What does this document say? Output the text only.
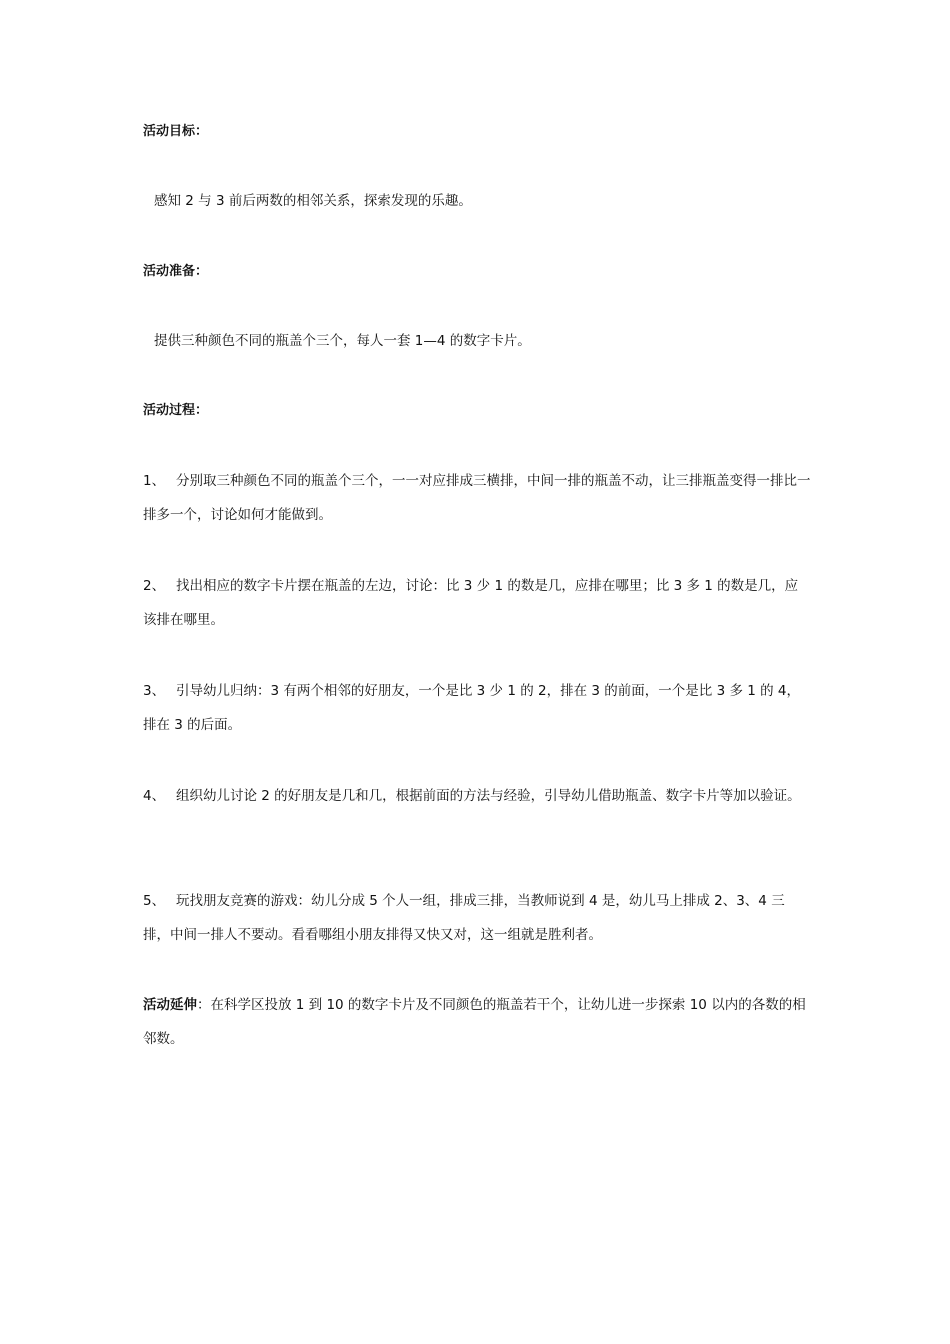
活动目标：
感知 2 与 3 前后两数的相邻关系，探索发现的乐趣。
活动准备：
提供三种颜色不同的瓶盖个三个，每人一套 1—4 的数字卡片。
活动过程：
1、 分别取三种颜色不同的瓶盖个三个，一一对应排成三横排，中间一排的瓶盖不动，让三排瓶盖变得一排比一排多一个，讨论如何才能做到。
2、 找出相应的数字卡片摆在瓶盖的左边，讨论：比 3 少 1 的数是几，应排在哪里；比 3 多 1 的数是几，应该排在哪里。
3、 引导幼儿归纳：3 有两个相邻的好朋友，一个是比 3 少 1 的 2，排在 3 的前面，一个是比 3 多 1 的 4，排在 3 的后面。
4、 组织幼儿讨论 2 的好朋友是几和几，根据前面的方法与经验，引导幼儿借助瓶盖、数字卡片等加以验证。
5、 玩找朋友竞赛的游戏：幼儿分成 5 个人一组，排成三排，当教师说到 4 是，幼儿马上排成 2、3、4 三排，中间一排人不要动。看看哪组小朋友排得又快又对，这一组就是胜利者。
活动延伸：在科学区投放 1 到 10 的数字卡片及不同颜色的瓶盖若干个，让幼儿进一步探索 10 以内的各数的相邻数。
